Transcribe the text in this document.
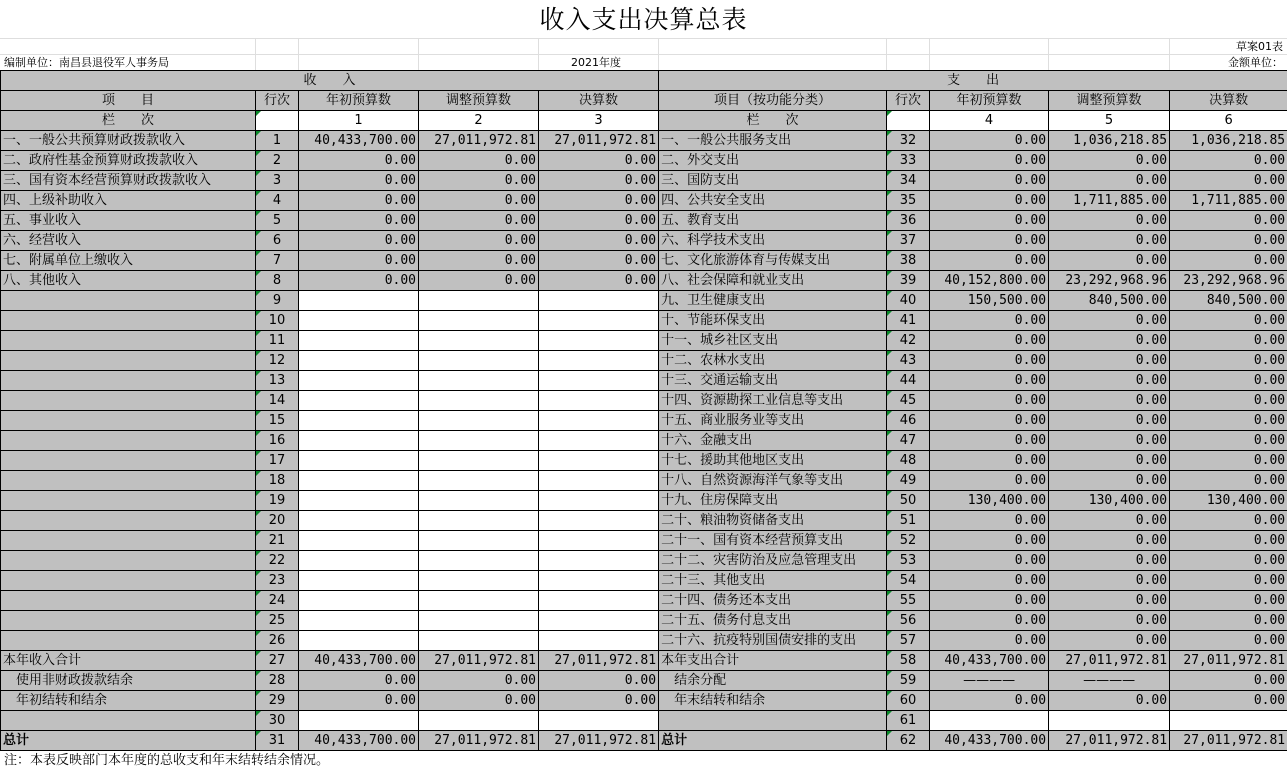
收入支出决算总表
草案01表
编制单位：南昌县退役军人事务局	2021年度	金额单位：
收　　入					支　　出				
项　　目	行次	年初预算数	调整预算数	决算数	项目（按功能分类）	行次	年初预算数	调整预算数	决算数
栏　　次		1	2	3	栏　　次		4	5	6
一、一般公共预算财政拨款收入	1	40,433,700.00	27,011,972.81	27,011,972.81	一、一般公共服务支出	32	0.00	1,036,218.85	1,036,218.85
二、政府性基金预算财政拨款收入	2	0.00	0.00	0.00	二、外交支出	33	0.00	0.00	0.00
三、国有资本经营预算财政拨款收入	3	0.00	0.00	0.00	三、国防支出	34	0.00	0.00	0.00
四、上级补助收入	4	0.00	0.00	0.00	四、公共安全支出	35	0.00	1,711,885.00	1,711,885.00
五、事业收入	5	0.00	0.00	0.00	五、教育支出	36	0.00	0.00	0.00
六、经营收入	6	0.00	0.00	0.00	六、科学技术支出	37	0.00	0.00	0.00
七、附属单位上缴收入	7	0.00	0.00	0.00	七、文化旅游体育与传媒支出	38	0.00	0.00	0.00
八、其他收入	8	0.00	0.00	0.00	八、社会保障和就业支出	39	40,152,800.00	23,292,968.96	23,292,968.96
	9				九、卫生健康支出	40	150,500.00	840,500.00	840,500.00
	10				十、节能环保支出	41	0.00	0.00	0.00
	11				十一、城乡社区支出	42	0.00	0.00	0.00
	12				十二、农林水支出	43	0.00	0.00	0.00
	13				十三、交通运输支出	44	0.00	0.00	0.00
	14				十四、资源勘探工业信息等支出	45	0.00	0.00	0.00
	15				十五、商业服务业等支出	46	0.00	0.00	0.00
	16				十六、金融支出	47	0.00	0.00	0.00
	17				十七、援助其他地区支出	48	0.00	0.00	0.00
	18				十八、自然资源海洋气象等支出	49	0.00	0.00	0.00
	19				十九、住房保障支出	50	130,400.00	130,400.00	130,400.00
	20				二十、粮油物资储备支出	51	0.00	0.00	0.00
	21				二十一、国有资本经营预算支出	52	0.00	0.00	0.00
	22				二十二、灾害防治及应急管理支出	53	0.00	0.00	0.00
	23				二十三、其他支出	54	0.00	0.00	0.00
	24				二十四、债务还本支出	55	0.00	0.00	0.00
	25				二十五、债务付息支出	56	0.00	0.00	0.00
	26				二十六、抗疫特别国债安排的支出	57	0.00	0.00	0.00
本年收入合计	27	40,433,700.00	27,011,972.81	27,011,972.81	本年支出合计	58	40,433,700.00	27,011,972.81	27,011,972.81
　使用非财政拨款结余	28	0.00	0.00	0.00	　结余分配	59	————	————	0.00
　年初结转和结余	29	0.00	0.00	0.00	　年末结转和结余	60	0.00	0.00	0.00
	30					61			
总计	31	40,433,700.00	27,011,972.81	27,011,972.81	总计	62	40,433,700.00	27,011,972.81	27,011,972.81
注：本表反映部门本年度的总收支和年末结转结余情况。
